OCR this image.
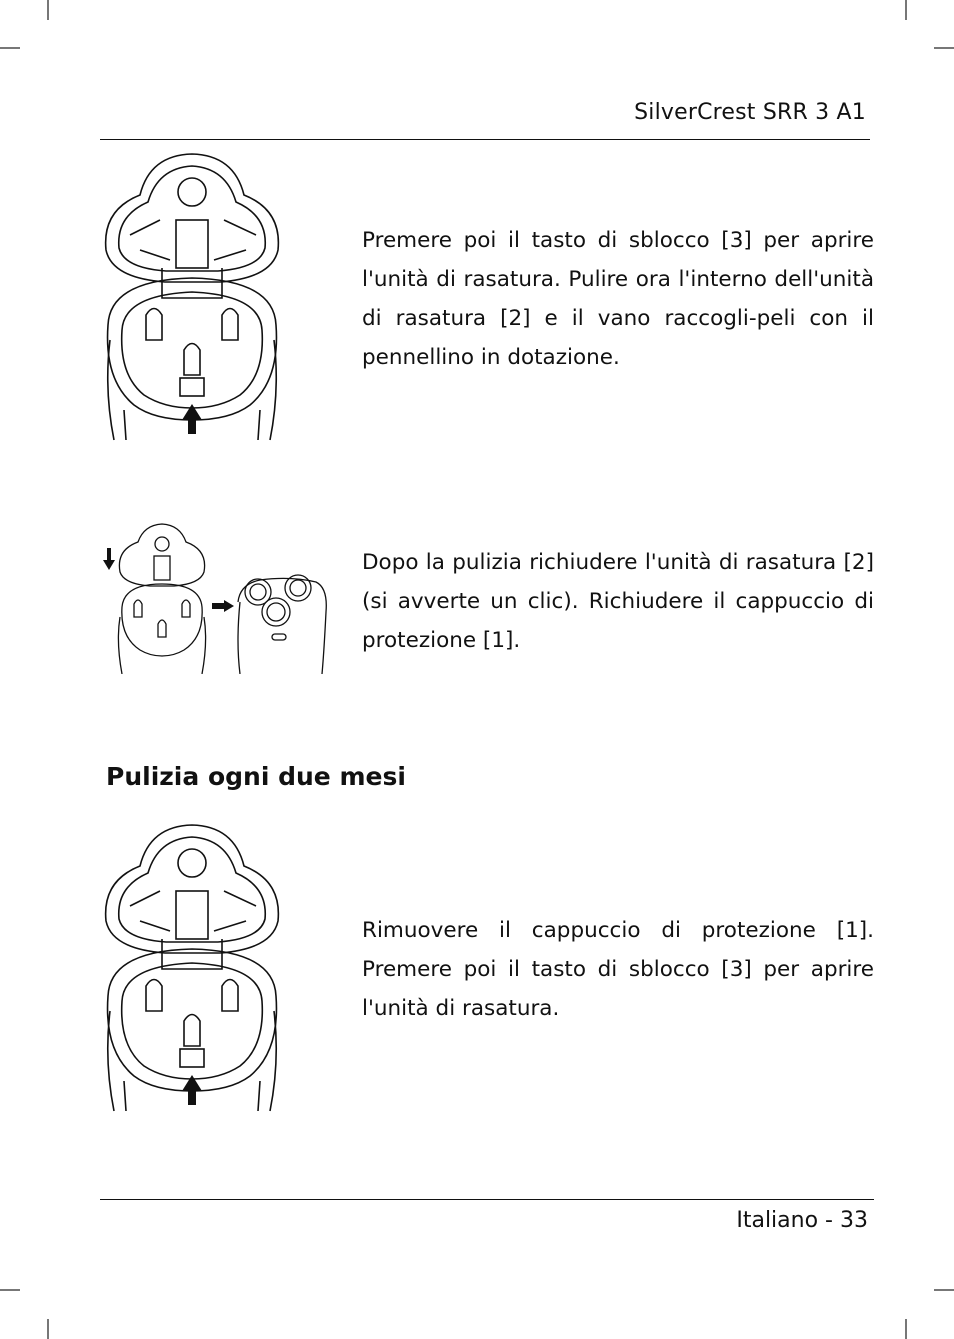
SilverCrest SRR 3 A1
Premere poi il tasto di sblocco [3] per aprire l'unità di rasatura. Pulire ora l'interno dell'unità di rasatura [2] e il vano raccogli-peli con il pennellino in dotazione.
Dopo la pulizia richiudere l'unità di rasatura [2] (si avverte un clic). Richiudere il cappuccio di protezione [1].
Pulizia ogni due mesi
Rimuovere il cappuccio di protezione [1]. Premere poi il tasto di sblocco [3] per aprire l'unità di rasatura.
Italiano - 33
